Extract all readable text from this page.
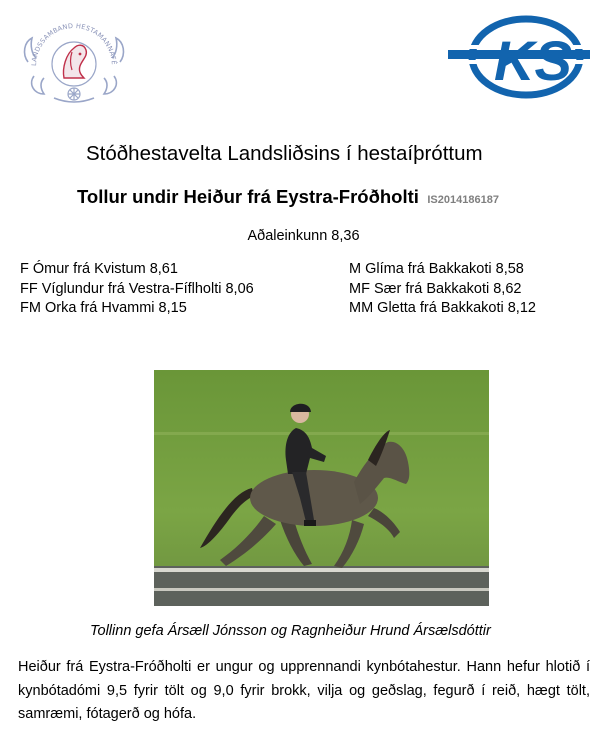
LANDSSAMBAND HESTAMANNAFÉ	KS
Stóðhestavelta Landsliðsins í hestaíþróttum
Tollur undir Heiður frá Eystra-Fróðholti IS2014186187
Aðaleinkunn 8,36
F Ómur frá Kvistum 8,61
FF Víglundur frá Vestra-Fíflholti 8,06
FM Orka frá Hvammi 8,15
M Glíma frá Bakkakoti 8,58
MF Sær frá Bakkakoti 8,62
MM Gletta frá Bakkakoti 8,12
Tollinn gefa Ársæll Jónsson og Ragnheiður Hrund Ársælsdóttir
Heiður frá Eystra-Fróðholti er ungur og upprennandi kynbótahestur. Hann hefur hlotið í kynbótadómi 9,5 fyrir tölt og 9,0 fyrir brokk, vilja og geðslag, fegurð í reið, hægt tölt, samræmi, fótagerð og hófa.
